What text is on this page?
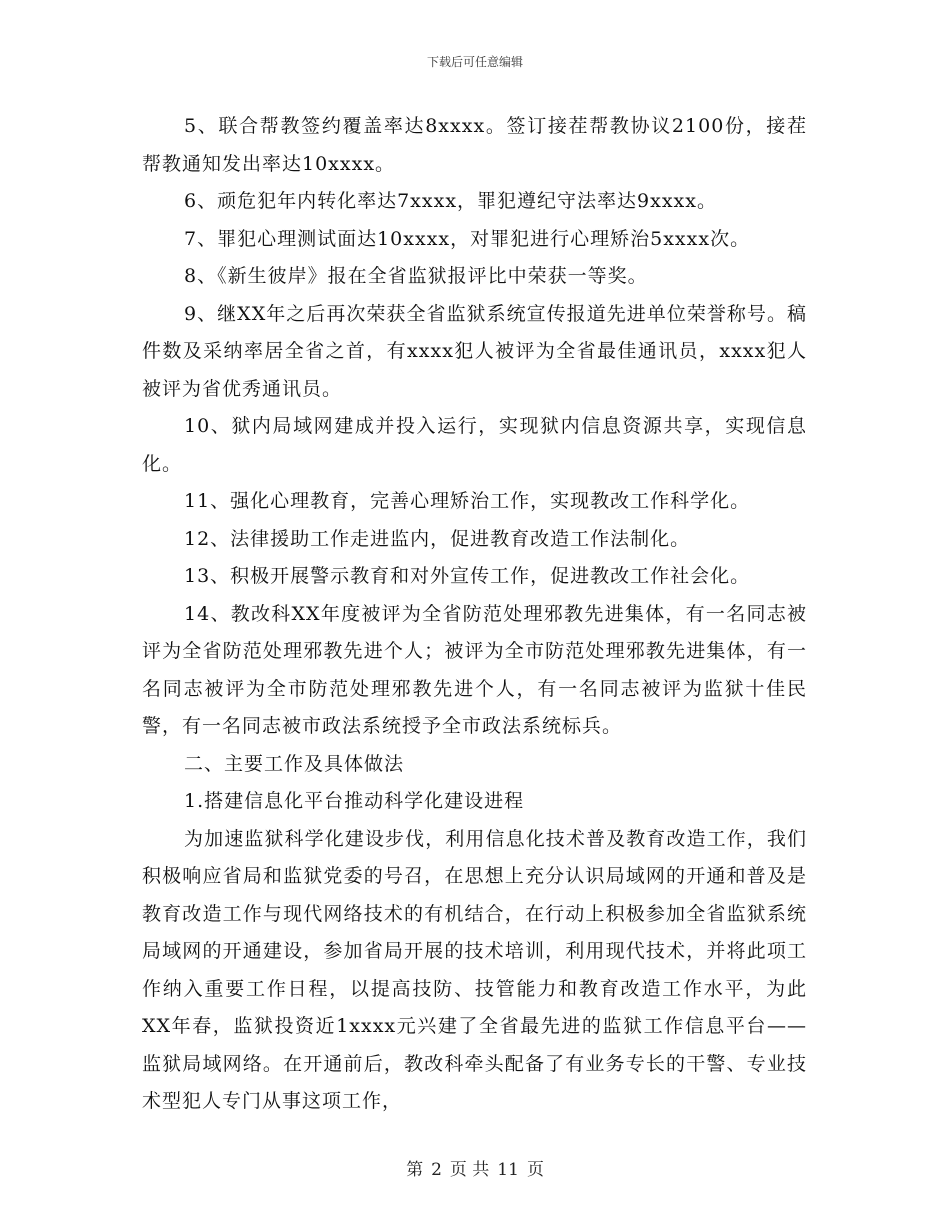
下载后可任意编辑

5、联合帮教签约覆盖率达8xxxx。签订接茬帮教协议2100份，接茬帮教通知发出率达10xxxx。

6、顽危犯年内转化率达7xxxx，罪犯遵纪守法率达9xxxx。

7、罪犯心理测试面达10xxxx，对罪犯进行心理矫治5xxxx次。

8、《新生彼岸》报在全省监狱报评比中荣获一等奖。

9、继XX年之后再次荣获全省监狱系统宣传报道先进单位荣誉称号。稿件数及采纳率居全省之首，有xxxx犯人被评为全省最佳通讯员，xxxx犯人被评为省优秀通讯员。

10、狱内局域网建成并投入运行，实现狱内信息资源共享，实现信息化。

11、强化心理教育，完善心理矫治工作，实现教改工作科学化。

12、法律援助工作走进监内，促进教育改造工作法制化。

13、积极开展警示教育和对外宣传工作，促进教改工作社会化。

14、教改科XX年度被评为全省防范处理邪教先进集体，有一名同志被评为全省防范处理邪教先进个人；被评为全市防范处理邪教先进集体，有一名同志被评为全市防范处理邪教先进个人，有一名同志被评为监狱十佳民警，有一名同志被市政法系统授予全市政法系统标兵。

二、主要工作及具体做法

1.搭建信息化平台推动科学化建设进程

为加速监狱科学化建设步伐，利用信息化技术普及教育改造工作，我们积极响应省局和监狱党委的号召，在思想上充分认识局域网的开通和普及是教育改造工作与现代网络技术的有机结合，在行动上积极参加全省监狱系统局域网的开通建设，参加省局开展的技术培训，利用现代技术，并将此项工作纳入重要工作日程，以提高技防、技管能力和教育改造工作水平，为此XX年春，监狱投资近1xxxx元兴建了全省最先进的监狱工作信息平台——监狱局域网络。在开通前后，教改科牵头配备了有业务专长的干警、专业技术型犯人专门从事这项工作，

第 2 页 共 11 页
